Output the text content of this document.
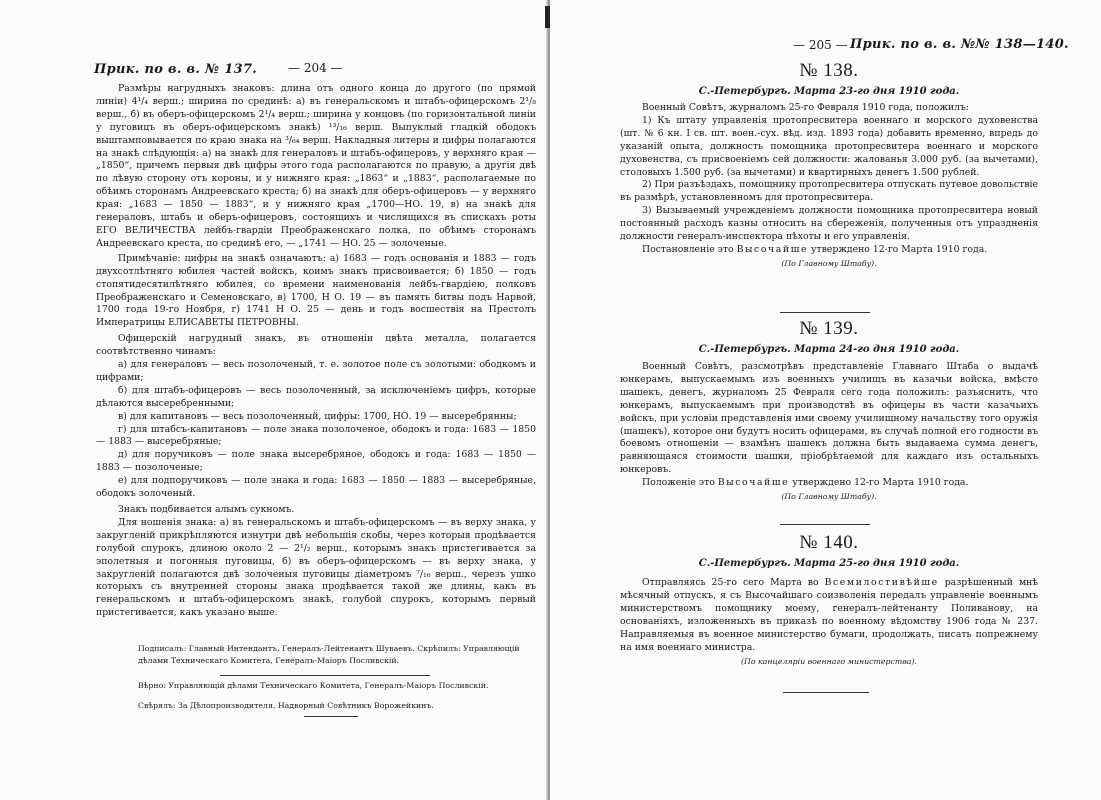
Прик. по в. в. № 137.	— 204 —

Размѣры нагрудныхъ знаковъ: длина отъ одного конца до другого (по прямой линіи) 4¹/₄ верш.; ширина по срединѣ: а) въ генеральскомъ и штабъ-офицерскомъ 2¹/₈ верш., б) въ оберъ-офицерскомъ 2¹/₄ верш.; ширина у концовъ (по горизонтальной линіи у пуговицъ въ оберъ-офицерскомъ знакѣ) ¹³/₁₆ верш. Выпуклый гладкій ободокъ выштамповывается по краю знака на ³/₆₄ верш. Накладныя литеры и цифры полагаются на знакѣ слѣдующія: а) на знакѣ для генераловъ и штабъ-офицеровъ, у верхняго края — „1850“, причемъ первыя двѣ цифры этого года располагаются по правую, а другія двѣ по лѣвую сторону отъ короны, и у нижняго края: „1863“ и „1883“, располагаемые по обѣимъ сторонамъ Андреевскаго креста; б) на знакѣ для оберъ-офицеровъ — у верхняго края: „1683 — 1850 — 1883“, и у нижняго края „1700—НО. 19, в) на знакѣ для генераловъ, штабъ и оберъ-офицеровъ, состоящихъ и числящихся въ спискахъ роты ЕГО ВЕЛИЧЕСТВА лейбъ-гвардіи Преображенскаго полка, по обѣимъ сторонамъ Андреевскаго креста, по срединѣ его, — „1741 — НО. 25 — золоченые.

Примѣчаніе: цифры на знакѣ означаютъ: а) 1683 — годъ основанія и 1883 — годъ двухсотлѣтняго юбилея частей войскъ, коимъ знакъ присвоивается; б) 1850 — годъ стопятидесятилѣтняго юбилея, со времени наименованія лейбъ-гвардіею, полковъ Преображенскаго и Семеновскаго, в) 1700, Н О. 19 — въ память битвы подъ Нарвой, 1700 года 19-го Ноября, г) 1741 Н О. 25 — день и годъ восшествія на Престолъ Императрицы ЕЛИСАВЕТЫ ПЕТРОВНЫ.

Офицерскій нагрудный знакъ, въ отношеніи цвѣта металла, полагается соотвѣтственно чинамъ:

а) для генераловъ — весь позолоченый, т. е. золотое поле съ золотыми: ободкомъ и цифрами;

б) для штабъ-офицеровъ — весь позолоченный, за исключеніемъ цифръ, которые дѣлаются высеребренными;

в) для капитановъ — весь позолоченный, цифры: 1700, НО. 19 — высеребрянны;

г) для штабсъ-капитановъ — поле знака позолоченое, ободокъ и года: 1683 — 1850 — 1883 — высеребряные;

д) для поручиковъ — поле знака высеребряное, ободокъ и года: 1683 — 1850 — 1883 — позолоченые;

е) для подпоручиковъ — поле знака и года: 1683 — 1850 — 1883 — высеребряные, ободокъ золоченый.

Знакъ подбивается алымъ сукномъ.

Для ношенія знака: а) въ генеральскомъ и штабъ-офицерскомъ — въ верху знака, у закругленій прикрѣпляются изнутри двѣ небольшія скобы, через которыя продѣвается голубой спурокъ, длиною около 2 — 2¹/₂ верш., которымъ знакъ пристегивается за эполетныя и погонныя пуговицы, б) въ оберъ-офицерскомъ — въ верху знака, у закругленій полагаются двѣ золоченыя пуговицы діаметромъ ⁷/₁₆ верш., черезъ ушко которыхъ съ внутренней стороны знака продѣвается такой же длины, какъ въ генеральскомъ и штабъ-офицерскомъ знакѣ, голубой спурокъ, которымъ первый пристегивается, какъ указано выше.

Подписалъ: Главный Интендантъ, Генералъ-Лейтенантъ Шуваевъ. Скрѣпилъ: Управляющій дѣлами Техническаго Комитета, Генералъ-Маіоръ Посливскій.

Вѣрно: Управляющій дѣлами Техническаго Комитета, Генералъ-Маіоръ Посливскій.

Свѣрялъ: За Дѣлопроизводителя, Надворный Совѣтникъ Ворожейкинъ.

— 205 — Прик. по в. в. №№ 138—140.

№ 138.

С.-Петербургъ. Марта 23-го дня 1910 года.

Военный Совѣтъ, журналомъ 25-го Февраля 1910 года, положилъ:

1) Къ штату управленія протопресвитера военнаго и морского духовенства (шт. № 6 кн. I св. шт. воен.-сух. вѣд. изд. 1893 года) добавить временно, впредь до указаній опыта, должность помощника протопресвитера военнаго и морского духовенства, съ присвоеніемъ сей должности: жалованья 3.000 руб. (за вычетами), столовыхъ 1.500 руб. (за вычетами) и квартирныхъ денегъ 1.500 рублей.

2) При разъѣздахъ, помощнику протопресвитера отпускать путевое довольствіе въ размѣрѣ, установленномъ для протопресвитера.

3) Вызываемый учрежденіемъ должности помощника протопресвитера новый постоянный расходъ казны относить на сбереженія, полученныя отъ упраздненія должности генералъ-инспектора пѣхоты и его управленія.

Постановленіе это Высочайше утверждено 12-го Марта 1910 года.

(По Главному Штабу).

№ 139.

С.-Петербургъ. Марта 24-го дня 1910 года.

Военный Совѣтъ, разсмотрѣвъ представленіе Главнаго Штаба о выдачѣ юнкерамъ, выпускаемымъ изъ военныхъ училищъ въ казачьи войска, вмѣсто шашекъ, денегъ, журналомъ 25 Февраля сего года положилъ: разъяснить, что юнкерамъ, выпускаемымъ при производствѣ въ офицеры въ части казачьихъ войскъ, при условіи представленія ими своему училищному начальству того оружія (шашекъ), которое они будутъ носить офицерами, въ случаѣ полной его годности въ боевомъ отношеніи — взамѣнъ шашекъ должна быть выдаваема сумма денегъ, равняющаяся стоимости шашки, пріобрѣтаемой для каждаго изъ остальныхъ юнкеровъ.

Положеніе это Высочайше утверждено 12-го Марта 1910 года.

(По Главному Штабу).

№ 140.

С.-Петербургъ. Марта 25-го дня 1910 года.

Отправляясь 25-го сего Марта во Всемилостивѣйше разрѣшенный мнѣ мѣсячный отпускъ, я съ Высочайшаго соизволенія передалъ управленіе военнымъ министерствомъ помощнику моему, генералъ-лейтенанту Поливанову, на основаніяхъ, изложенныхъ въ приказѣ по военному вѣдомству 1906 года № 237. Направляемыя въ военное министерство бумаги, продолжать, писать попрежнему на имя военнаго министра.

(По канцеляріи военнаго министерства).
